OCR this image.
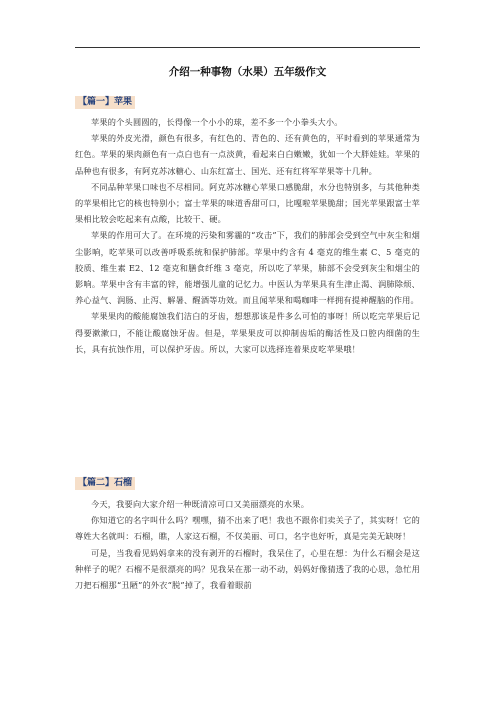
介绍一种事物（水果）五年级作文
【篇一】苹果

苹果的个头圆圆的，长得像一个小小的球，差不多一个小拳头大小。

苹果的外皮光滑，颜色有很多，有红色的、青色的、还有黄色的，平时看到的苹果通常为红色。苹果的果肉颜色有一点白也有一点淡黄，看起来白白嫩嫩，犹如一个大胖娃娃。苹果的品种也有很多，有阿克苏冰糖心、山东红富士、国光、还有红将军苹果等十几种。

不同品种苹果口味也不尽相同。阿克苏冰糖心苹果口感脆甜，水分也特别多，与其他种类的苹果相比它的核也特别小；富士苹果的味道香甜可口，比嘎啦苹果脆甜；国光苹果跟富士苹果相比较会吃起来有点酸，比较干、硬。

苹果的作用可大了。在环境的污染和雾霾的“攻击”下，我们的肺部会受到空气中灰尘和烟尘影响，吃苹果可以改善呼吸系统和保护肺部。苹果中约含有 4 毫克的维生素 C、5 毫克的胶质、维生素 E2、12 毫克和膳食纤维 3 毫克，所以吃了苹果，肺部不会受到灰尘和烟尘的影响。苹果中含有丰富的锌，能增强儿童的记忆力。中医认为苹果具有生津止渴、润肺除烦、养心益气、润肠、止泻、解暑、醒酒等功效。而且闻苹果和喝咖啡一样拥有提神醒脑的作用。

苹果果肉的酸能腐蚀我们洁白的牙齿，想想那该是件多么可怕的事呀！所以吃完苹果后记得要漱漱口，不能让酸腐蚀牙齿。但是，苹果果皮可以抑制齿垢的酶活性及口腔内细菌的生长，具有抗蚀作用，可以保护牙齿。所以，大家可以选择连着果皮吃苹果哦！

【篇二】石榴

今天，我要向大家介绍一种既清凉可口又美丽漂亮的水果。

你知道它的名字叫什么吗？嘿嘿，猜不出来了吧！我也不跟你们卖关子了，其实呀！它的尊姓大名就叫：石榴，瞧，人家这石榴，不仅美丽、可口，名字也好听，真是完美无缺呀！

可是，当我看见妈妈拿来的没有剥开的石榴时，我呆住了，心里在想：为什么石榴会是这种样子的呢？石榴不是很漂亮的吗？见我呆在那一动不动，妈妈好像猜透了我的心思，急忙用刀把石榴那“丑陋”的外衣“脱”掉了，我看着眼前
